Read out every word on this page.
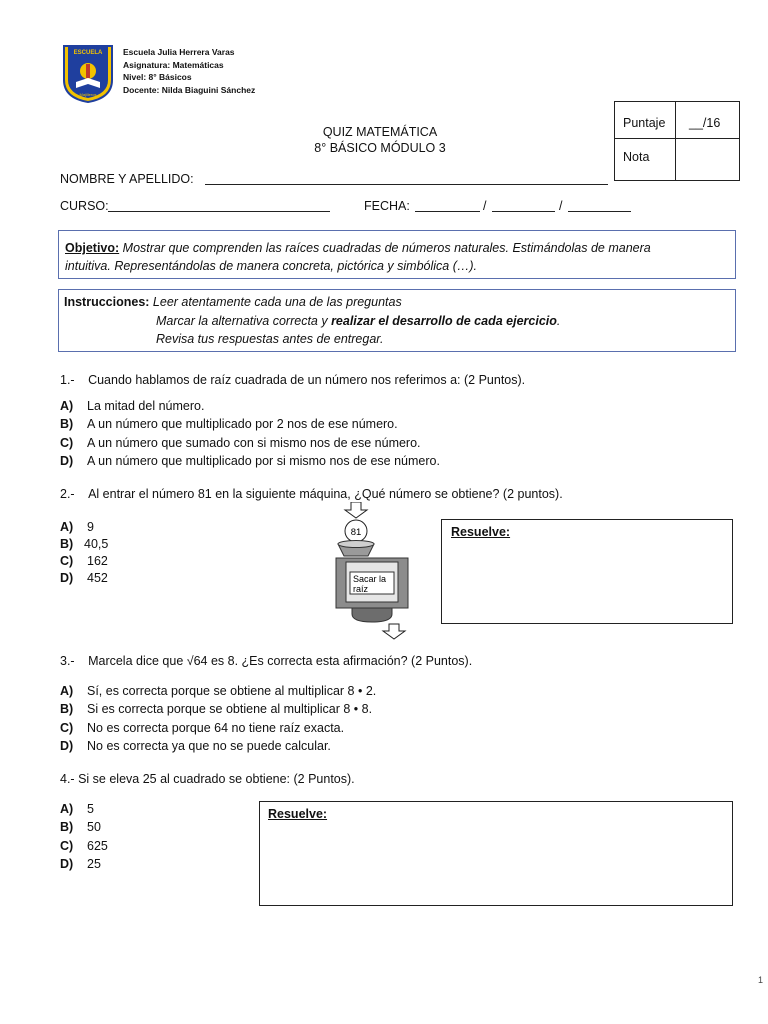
ESCUELA
Majilleros
Escuela Julia Herrera Varas
Asignatura: Matemáticas
Nivel: 8° Básicos
Docente: Nilda Biaguini Sánchez
Puntaje __/16
Nota
QUIZ MATEMÁTICA
8° BÁSICO MÓDULO 3
NOMBRE Y APELLIDO:
CURSO:	FECHA:	/	/
Objetivo: Mostrar que comprenden las raíces cuadradas de números naturales. Estimándolas de manera
intuitiva. Representándolas de manera concreta, pictórica y simbólica (…).
Instrucciones: Leer atentamente cada una de las preguntas
Marcar la alternativa correcta y realizar el desarrollo de cada ejercicio.
Revisa tus respuestas antes de entregar.
1.- Cuando hablamos de raíz cuadrada de un número nos referimos a: (2 Puntos).
A) La mitad del número.
B) A un número que multiplicado por 2 nos de ese número.
C) A un número que sumado con si mismo nos de ese número.
D) A un número que multiplicado por si mismo nos de ese número.
2.- Al entrar el número 81 en la siguiente máquina, ¿Qué número se obtiene? (2 puntos).
A) 9
B) 40,5
C) 162
D) 452
81
Sacar la
raíz
Resuelve:
3.- Marcela dice que √64 es 8. ¿Es correcta esta afirmación? (2 Puntos).
A) Sí, es correcta porque se obtiene al multiplicar 8 • 2.
B) Si es correcta porque se obtiene al multiplicar 8 • 8.
C) No es correcta porque 64 no tiene raíz exacta.
D) No es correcta ya que no se puede calcular.
4.- Si se eleva 25 al cuadrado se obtiene: (2 Puntos).
A) 5
B) 50
C) 625
D) 25
Resuelve:
1
